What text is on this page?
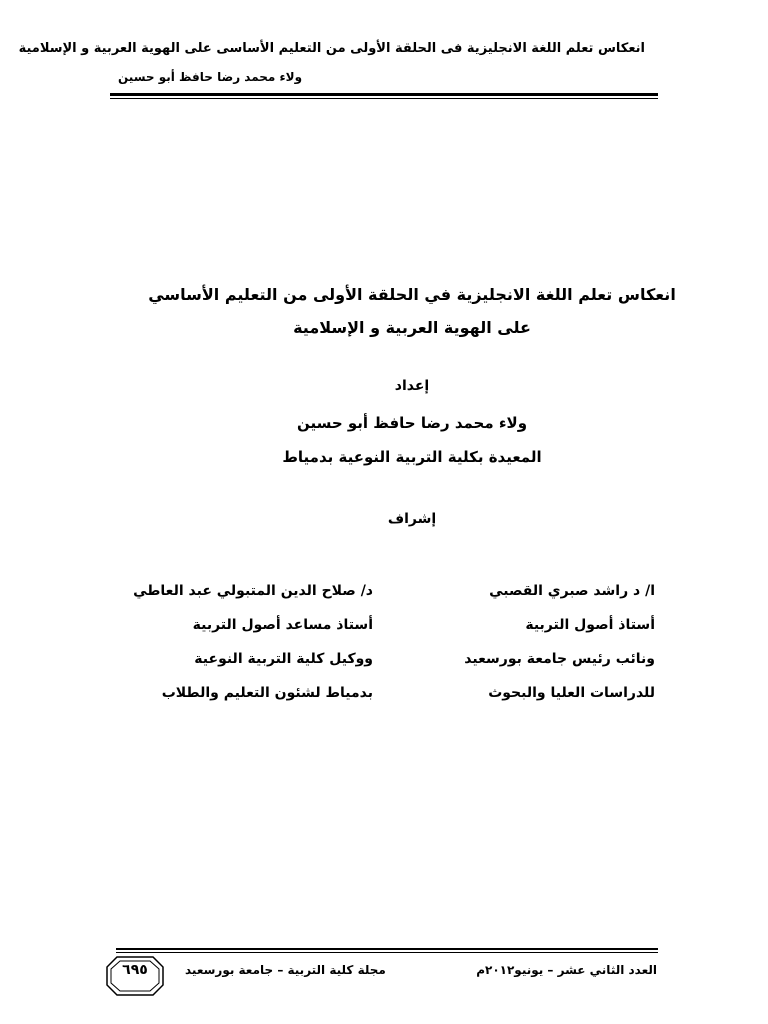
انعكاس تعلم اللغة الانجليزية فى الحلقة الأولى من التعليم الأساسى على الهوية العربية و الإسلامية
ولاء محمد رضا حافظ أبو حسين
انعكاس تعلم اللغة الانجليزية في الحلقة الأولى من التعليم الأساسي
على الهوية العربية و الإسلامية
إعداد
ولاء محمد رضا حافظ أبو حسين
المعيدة بكلية التربية النوعية بدمياط
إشراف
ا/ د راشد صبري القصبي
أستاذ أصول التربية
ونائب رئيس جامعة بورسعيد
للدراسات العليا والبحوث
د/ صلاح الدين المتبولي عبد العاطي
أستاذ مساعد أصول التربية
ووكيل كلية التربية النوعية
بدمياط لشئون التعليم والطلاب
العدد الثاني عشر – يونيو٢٠١٢م
مجلة كلية التربية – جامعة بورسعيد
٦٩٥
